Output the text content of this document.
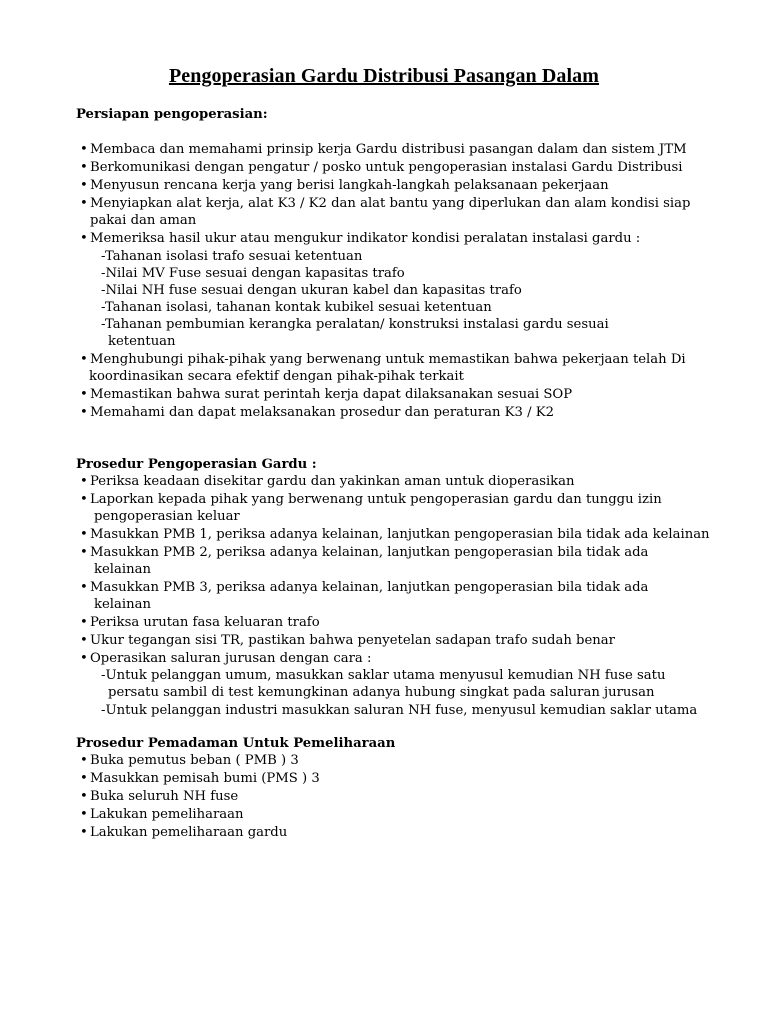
Pengoperasian Gardu Distribusi Pasangan Dalam
Persiapan pengoperasian:
• Membaca dan memahami prinsip kerja Gardu distribusi pasangan dalam dan sistem JTM
• Berkomunikasi dengan pengatur / posko untuk pengoperasian instalasi Gardu Distribusi
• Menyusun rencana kerja yang berisi langkah-langkah pelaksanaan pekerjaan
• Menyiapkan alat kerja, alat K3 / K2 dan alat bantu yang diperlukan dan alam kondisi siap
pakai dan aman
• Memeriksa hasil ukur atau mengukur indikator kondisi peralatan instalasi gardu :
-Tahanan isolasi trafo sesuai ketentuan
-Nilai MV Fuse sesuai dengan kapasitas trafo
-Nilai NH fuse sesuai dengan ukuran kabel dan kapasitas trafo
-Tahanan isolasi, tahanan kontak kubikel sesuai ketentuan
-Tahanan pembumian kerangka peralatan/ konstruksi instalasi gardu sesuai
ketentuan
• Menghubungi pihak-pihak yang berwenang untuk memastikan bahwa pekerjaan telah Di
koordinasikan secara efektif dengan pihak-pihak terkait
• Memastikan bahwa surat perintah kerja dapat dilaksanakan sesuai SOP
• Memahami dan dapat melaksanakan prosedur dan peraturan K3 / K2
Prosedur Pengoperasian Gardu :
• Periksa keadaan disekitar gardu dan yakinkan aman untuk dioperasikan
• Laporkan kepada pihak yang berwenang untuk pengoperasian gardu dan tunggu izin
pengoperasian keluar
• Masukkan PMB 1, periksa adanya kelainan, lanjutkan pengoperasian bila tidak ada kelainan
• Masukkan PMB 2, periksa adanya kelainan, lanjutkan pengoperasian bila tidak ada
kelainan
• Masukkan PMB 3, periksa adanya kelainan, lanjutkan pengoperasian bila tidak ada
kelainan
• Periksa urutan fasa keluaran trafo
• Ukur tegangan sisi TR, pastikan bahwa penyetelan sadapan trafo sudah benar
• Operasikan saluran jurusan dengan cara :
-Untuk pelanggan umum, masukkan saklar utama menyusul kemudian NH fuse satu
persatu sambil di test kemungkinan adanya hubung singkat pada saluran jurusan
-Untuk pelanggan industri masukkan saluran NH fuse, menyusul kemudian saklar utama
Prosedur Pemadaman Untuk Pemeliharaan
• Buka pemutus beban ( PMB ) 3
• Masukkan pemisah bumi (PMS ) 3
• Buka seluruh NH fuse
• Lakukan pemeliharaan
• Lakukan pemeliharaan gardu
